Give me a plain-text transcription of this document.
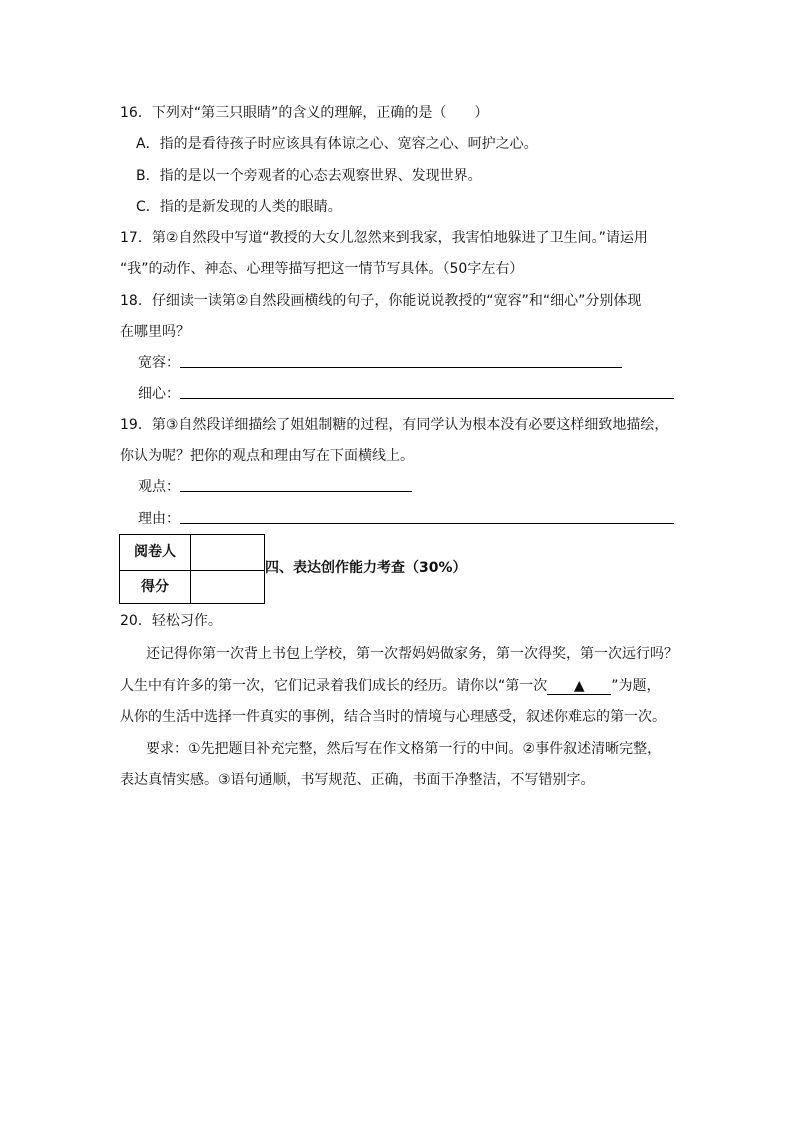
16．下列对“第三只眼睛”的含义的理解，正确的是（　　）
A．指的是看待孩子时应该具有体谅之心、宽容之心、呵护之心。
B．指的是以一个旁观者的心态去观察世界、发现世界。
C．指的是新发现的人类的眼睛。
17．第②自然段中写道“教授的大女儿忽然来到我家，我害怕地躲进了卫生间。”请运用
“我”的动作、神态、心理等描写把这一情节写具体。（50字左右）
18．仔细读一读第②自然段画横线的句子，你能说说教授的“宽容”和“细心”分别体现
在哪里吗？
宽容：
细心：
19．第③自然段详细描绘了姐姐制糖的过程，有同学认为根本没有必要这样细致地描绘，
你认为呢？把你的观点和理由写在下面横线上。
观点：
理由：
阅卷人
得分
四、表达创作能力考查（30%）
20．轻松习作。
还记得你第一次背上书包上学校，第一次帮妈妈做家务，第一次得奖，第一次远行吗？
人生中有许多的第一次，它们记录着我们成长的经历。请你以“第一次 ▲ ”为题，
从你的生活中选择一件真实的事例，结合当时的情境与心理感受，叙述你难忘的第一次。
要求：①先把题目补充完整，然后写在作文格第一行的中间。②事件叙述清晰完整，
表达真情实感。③语句通顺，书写规范、正确，书面干净整洁，不写错别字。
